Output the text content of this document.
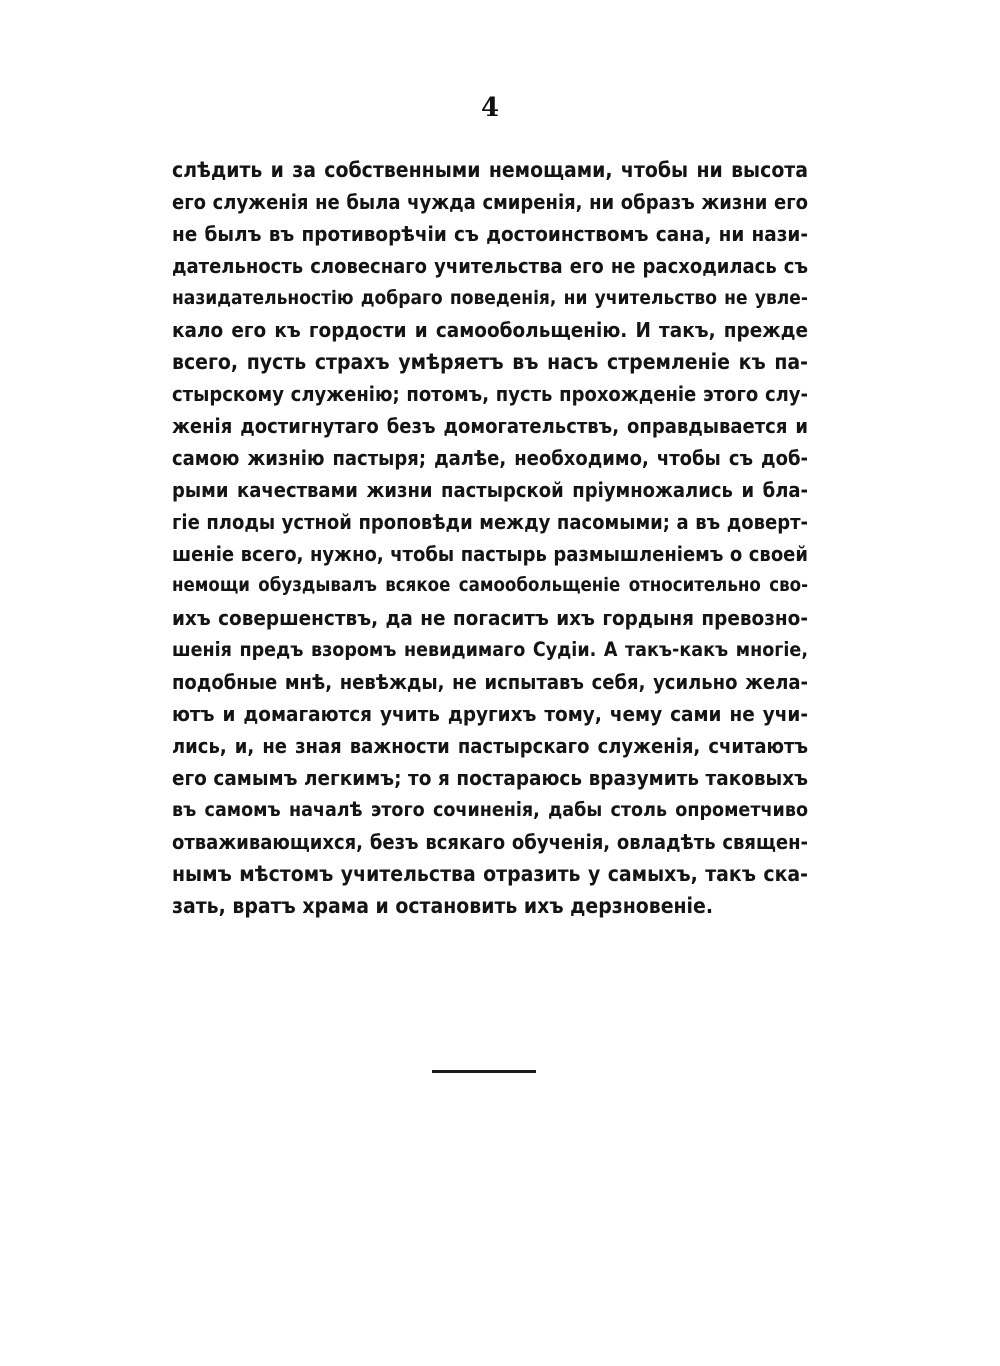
4
слѣдить и за собственными немощами, чтобы ни высота
его служенія не была чужда смиренія, ни образъ жизни его
не былъ въ противорѣчіи съ достоинствомъ сана, ни нази-
дательность словеснаго учительства его не расходилась съ
назидательностію добраго поведенія, ни учительство не увле-
кало его къ гордости и самообольщенію. И такъ, прежде
всего, пусть страхъ умѣряетъ въ насъ стремленіе къ па-
стырскому служенію; потомъ, пусть прохожденіе этого слу-
женія достигнутаго безъ домогательствъ, оправдывается и
самою жизнію пастыря; далѣе, необходимо, чтобы съ доб-
рыми качествами жизни пастырской пріумножались и бла-
гіе плоды устной проповѣди между пасомыми; а въ доверт-
шеніе всего, нужно, чтобы пастырь размышленіемъ о своей
немощи обуздывалъ всякое самообольщеніе относительно сво-
ихъ совершенствъ, да не погаситъ ихъ гордыня превозно-
шенія предъ взоромъ невидимаго Судіи. А такъ-какъ многіе,
подобные мнѣ, невѣжды, не испытавъ себя, усильно жела-
ютъ и домагаются учить другихъ тому, чему сами не учи-
лись, и, не зная важности пастырскаго служенія, считаютъ
его самымъ легкимъ; то я постараюсь вразумить таковыхъ
въ самомъ началѣ этого сочиненія, дабы столь опрометчиво
отваживающихся, безъ всякаго обученія, овладѣть священ-
нымъ мѣстомъ учительства отразить у самыхъ, такъ ска-
зать, вратъ храма и остановить ихъ дерзновеніе.
